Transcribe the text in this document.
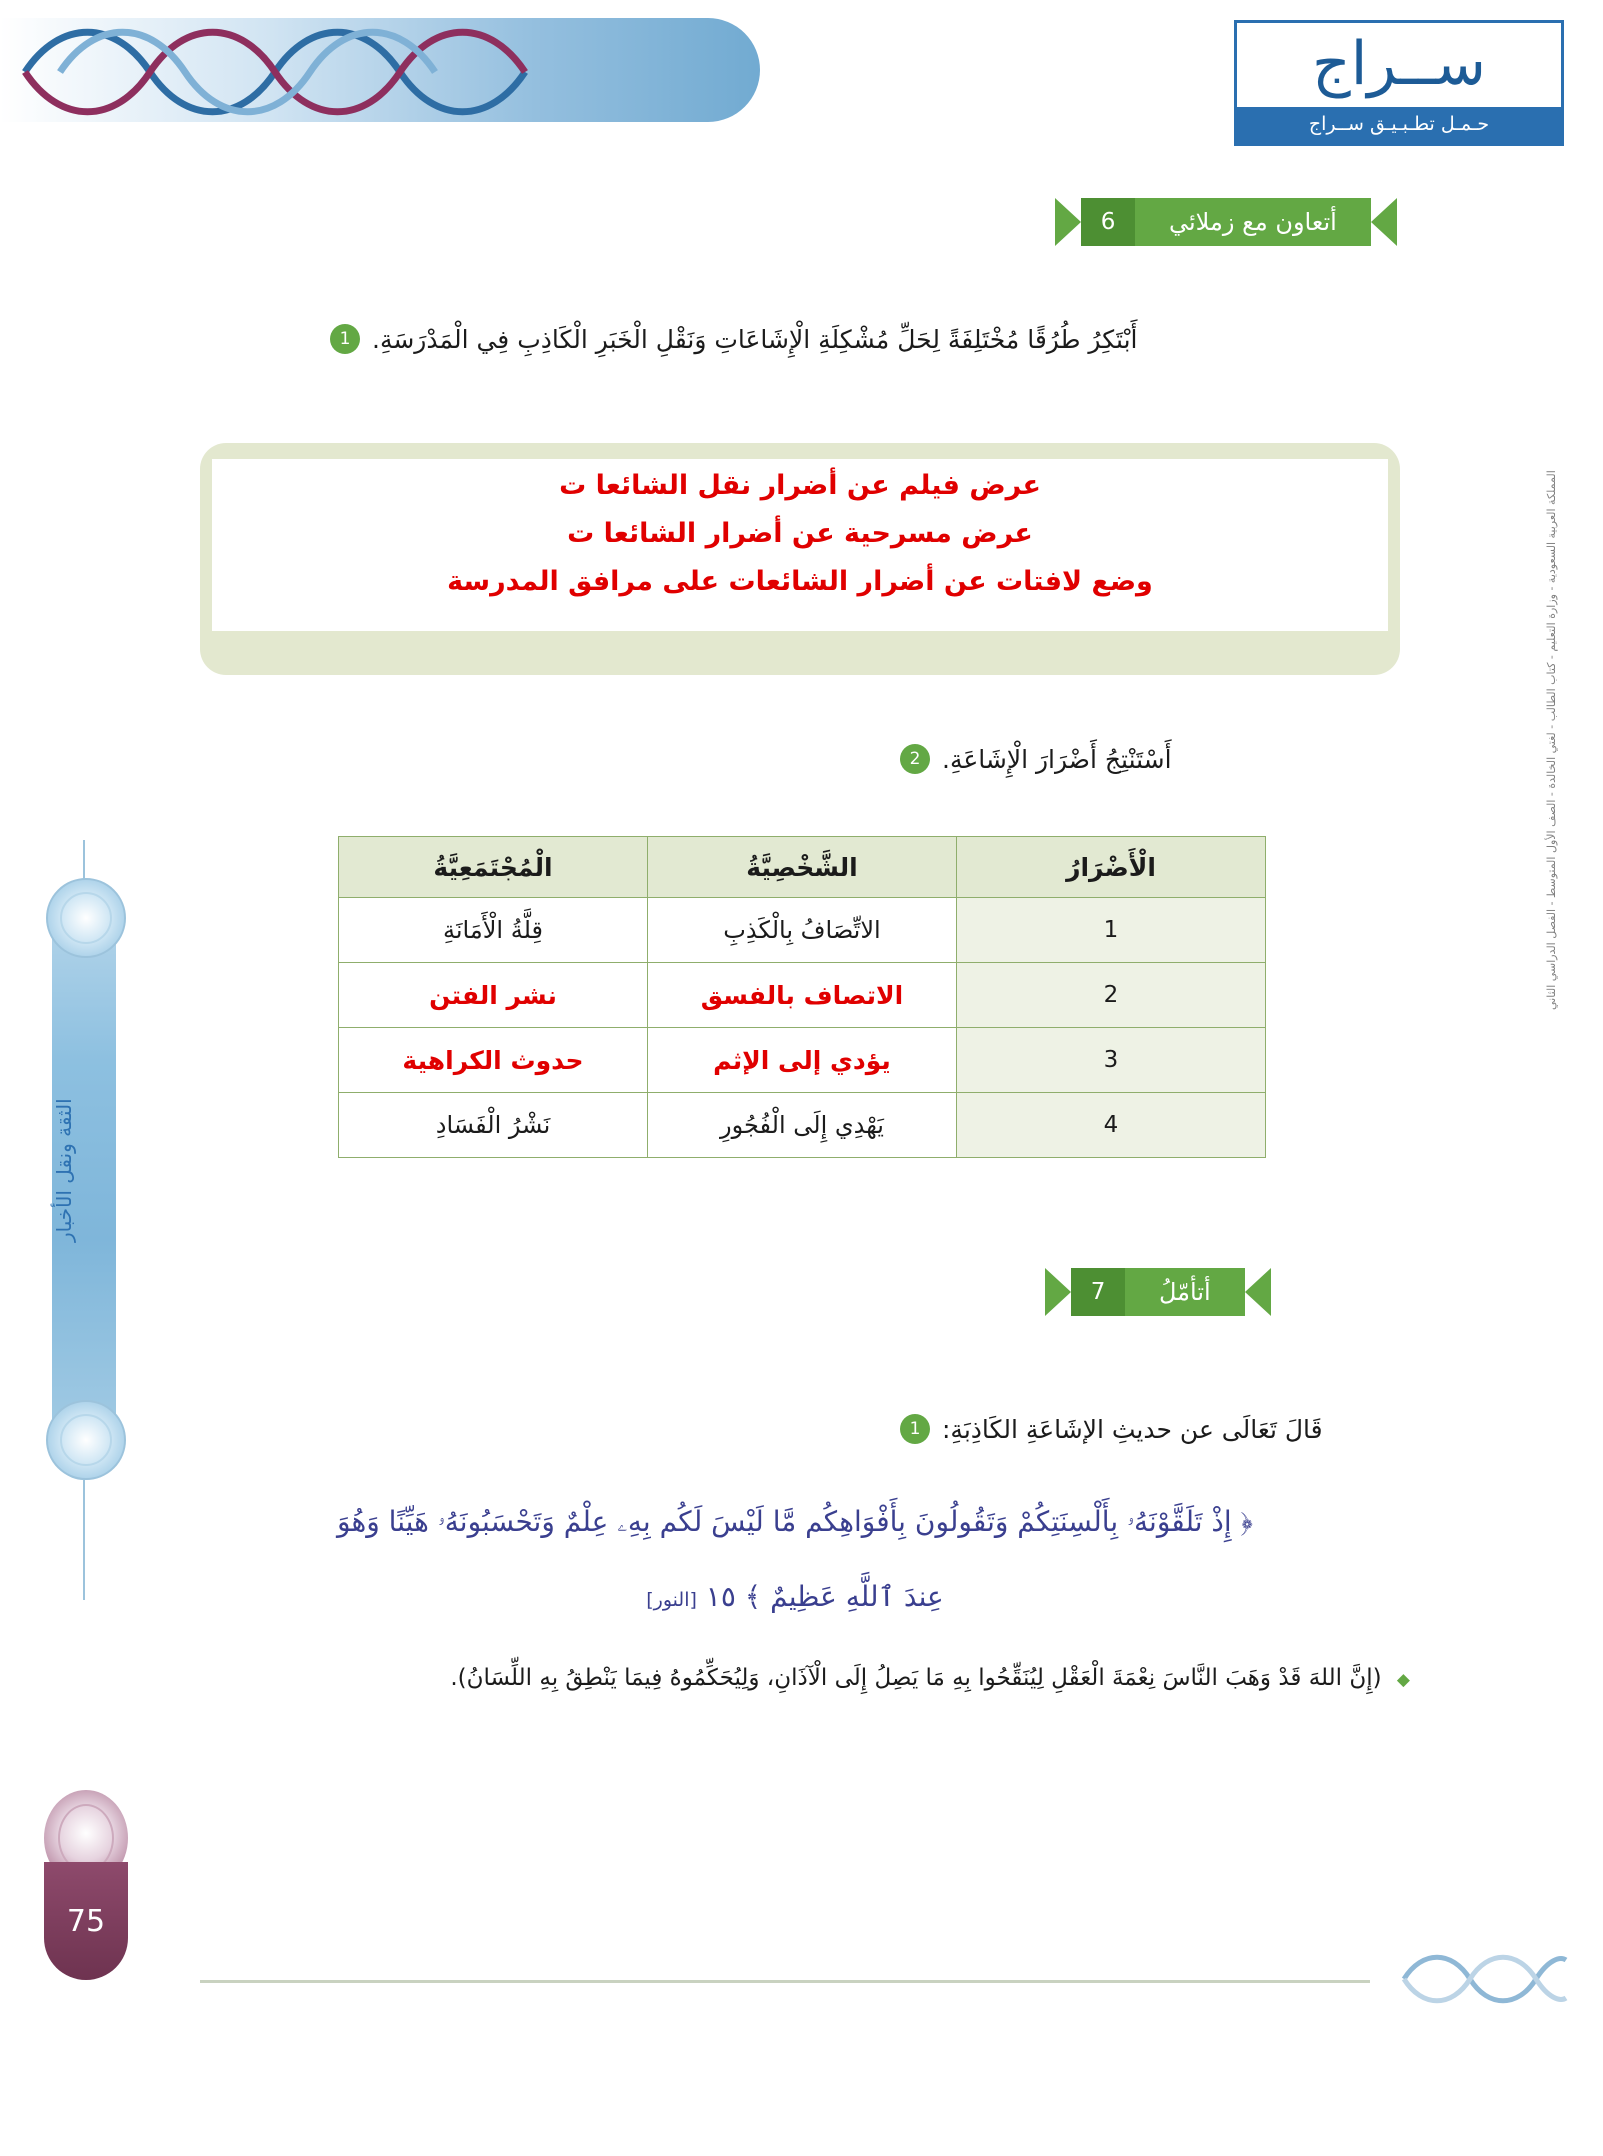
ســراج
حـمـل تطـبـيـق ســراج
أتعاون مع زملائي
6
أَبْتَكِرُ طُرُقًا مُخْتَلِفَةً لِحَلِّ مُشْكِلَةِ الْإِشَاعَاتِ وَنَقْلِ الْخَبَرِ الْكَاذِبِ فِي الْمَدْرَسَةِ.
1
عرض فيلم عن أضرار نقل الشائعا ت
عرض مسرحية عن أضرار الشائعا ت
وضع لافتات عن أضرار الشائعات على مرافق المدرسة
أَسْتَنْتِجُ أَضْرَارَ الْإِشَاعَةِ.
2
الْأَضْرَارُ	الشَّخْصِيَّةُ	الْمُجْتَمَعِيَّةُ
1	الاتِّصَافُ بِالْكَذِبِ	قِلَّةُ الْأَمَانَةِ
2	الاتصاف بالفسق	نشر الفتن
3	يؤدي إلى الإثم	حدوث الكراهية
4	يَهْدِي إِلَى الْفُجُورِ	نَشْرُ الْفَسَادِ
أتأمّلُ
7
قَالَ تَعَالَى عن حديثِ الإشَاعَةِ الكَاذِبَةِ:
1
﴿ إِذْ تَلَقَّوْنَهُۥ بِأَلْسِنَتِكُمْ وَتَقُولُونَ بِأَفْوَاهِكُم مَّا لَيْسَ لَكُم بِهِۦ عِلْمٌ وَتَحْسَبُونَهُۥ هَيِّنًا وَهُوَ
عِندَ ٱللَّهِ عَظِيمٌ ﴾ ١٥ [النور]
◆ (إِنَّ اللهَ قَدْ وَهَبَ النَّاسَ نِعْمَةَ الْعَقْلِ لِيُنَقِّحُوا بِهِ مَا يَصِلُ إِلَى الْآذَانِ، وَلِيُحَكِّمُوهُ فِيمَا يَنْطِقُ بِهِ اللِّسَانُ).
الثقة ونقل الأخبار
75
المملكة العربية السعودية - وزارة التعليم - كتاب الطالب - لغتي الخالدة - الصف الأول المتوسط - الفصل الدراسي الثاني
